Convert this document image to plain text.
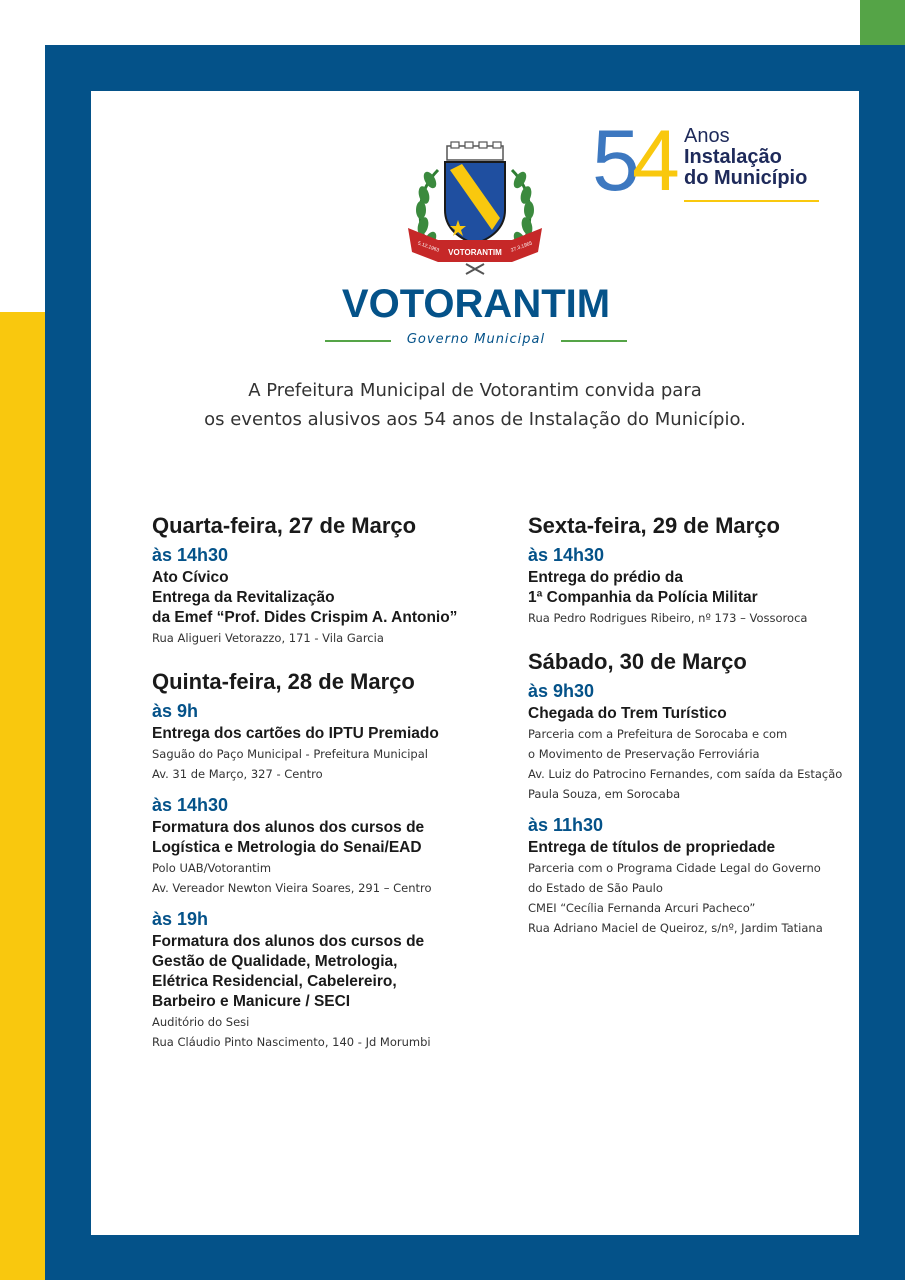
VOTORANTIM
5.12.1963	27.3.1965
5
4 Anos
Instalação
do Município
VOTORANTIM
Governo Municipal
A Prefeitura Municipal de Votorantim convida para
os eventos alusivos aos 54 anos de Instalação do Município.
Quarta-feira, 27 de Março
às 14h30
Ato Cívico
Entrega da Revitalização
da Emef “Prof. Dides Crispim A. Antonio”
Rua Aligueri Vetorazzo, 171 - Vila Garcia
Quinta-feira, 28 de Março
às 9h
Entrega dos cartões do IPTU Premiado
Saguão do Paço Municipal - Prefeitura Municipal
Av. 31 de Março, 327 - Centro
às 14h30
Formatura dos alunos dos cursos de
Logística e Metrologia do Senai/EAD
Polo UAB/Votorantim
Av. Vereador Newton Vieira Soares, 291 – Centro
às 19h
Formatura dos alunos dos cursos de
Gestão de Qualidade, Metrologia,
Elétrica Residencial, Cabelereiro,
Barbeiro e Manicure / SECI
Auditório do Sesi
Rua Cláudio Pinto Nascimento, 140 - Jd Morumbi
Sexta-feira, 29 de Março
às 14h30
Entrega do prédio da
1ª Companhia da Polícia Militar
Rua Pedro Rodrigues Ribeiro, nº 173 – Vossoroca
Sábado, 30 de Março
às 9h30
Chegada do Trem Turístico
Parceria com a Prefeitura de Sorocaba e com
o Movimento de Preservação Ferroviária
Av. Luiz do Patrocino Fernandes, com saída da Estação
Paula Souza, em Sorocaba
às 11h30
Entrega de títulos de propriedade
Parceria com o Programa Cidade Legal do Governo
do Estado de São Paulo
CMEI “Cecília Fernanda Arcuri Pacheco”
Rua Adriano Maciel de Queiroz, s/nº, Jardim Tatiana
